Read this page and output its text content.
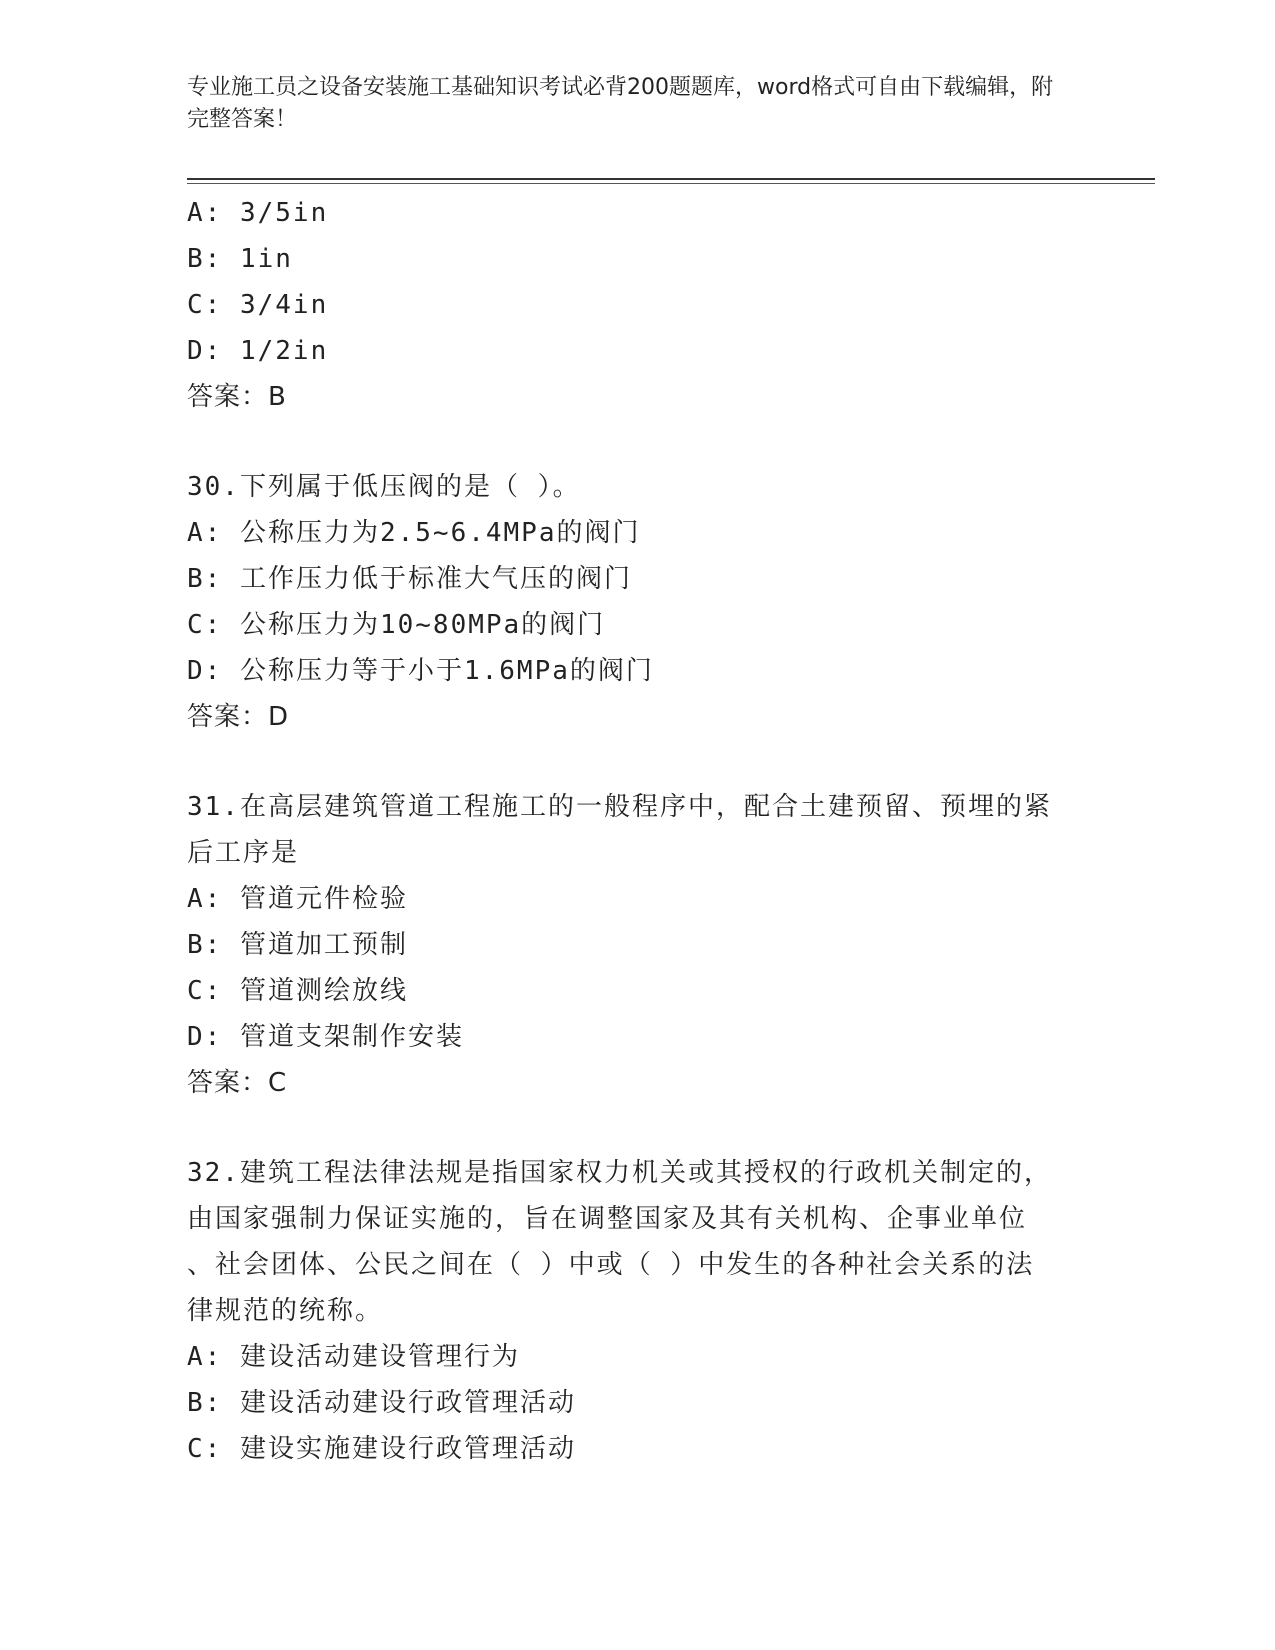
专业施工员之设备安装施工基础知识考试必背200题题库，word格式可自由下载编辑，附完整答案！
A: 3/5in
B: 1in
C: 3/4in
D: 1/2in
答案：B
30.下列属于低压阀的是（ ）。
A: 公称压力为2.5~6.4MPa的阀门
B: 工作压力低于标准大气压的阀门
C: 公称压力为10~80MPa的阀门
D: 公称压力等于小于1.6MPa的阀门
答案：D
31.在高层建筑管道工程施工的一般程序中，配合土建预留、预埋的紧
后工序是
A: 管道元件检验
B: 管道加工预制
C: 管道测绘放线
D: 管道支架制作安装
答案：C
32.建筑工程法律法规是指国家权力机关或其授权的行政机关制定的，
由国家强制力保证实施的，旨在调整国家及其有关机构、企事业单位
、社会团体、公民之间在（ ）中或（ ）中发生的各种社会关系的法
律规范的统称。
A: 建设活动建设管理行为
B: 建设活动建设行政管理活动
C: 建设实施建设行政管理活动
